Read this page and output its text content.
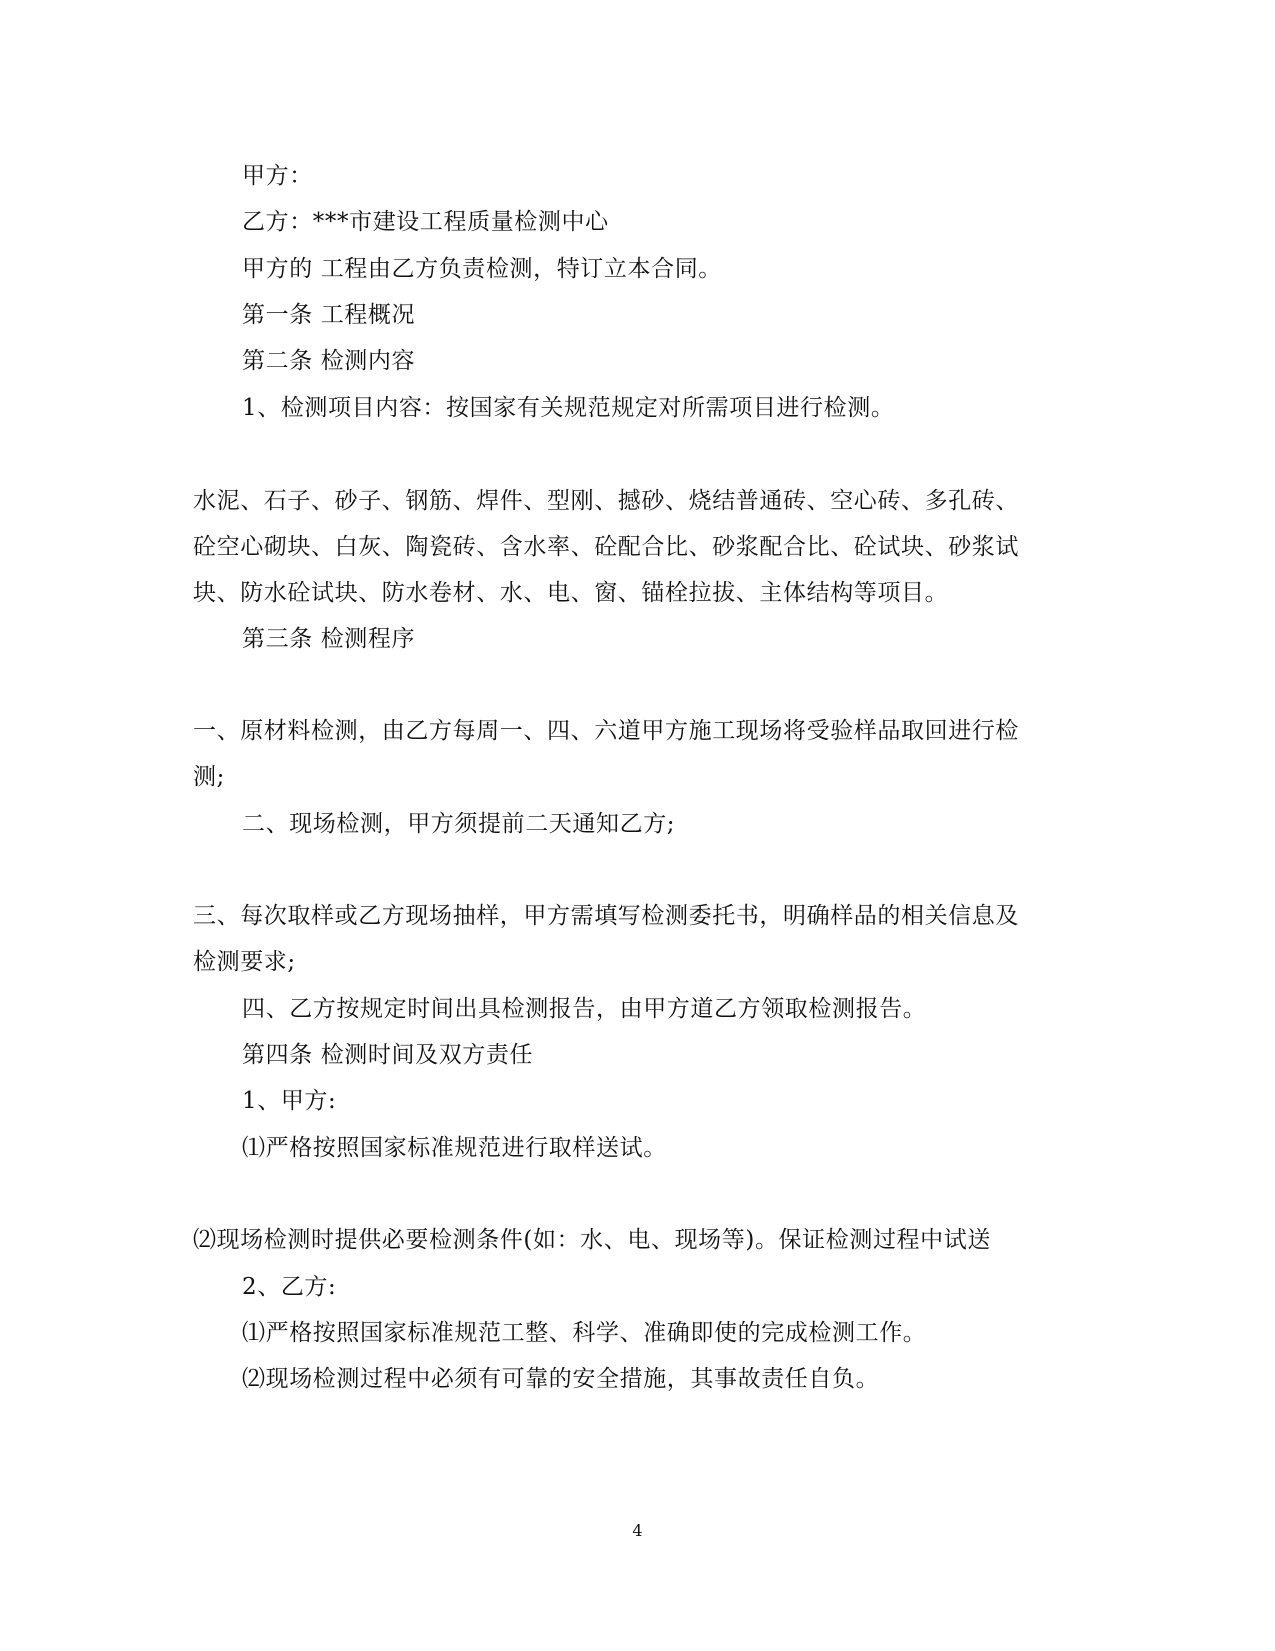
甲方：
乙方：***市建设工程质量检测中心
甲方的 工程由乙方负责检测，特订立本合同。
第一条 工程概况
第二条 检测内容
1、检测项目内容：按国家有关规范规定对所需项目进行检测。
水泥、石子、砂子、钢筋、焊件、型刚、撼砂、烧结普通砖、空心砖、多孔砖、
砼空心砌块、白灰、陶瓷砖、含水率、砼配合比、砂浆配合比、砼试块、砂浆试
块、防水砼试块、防水卷材、水、电、窗、锚栓拉拔、主体结构等项目。
第三条 检测程序
一、原材料检测，由乙方每周一、四、六道甲方施工现场将受验样品取回进行检
测;
二、现场检测，甲方须提前二天通知乙方;
三、每次取样或乙方现场抽样，甲方需填写检测委托书，明确样品的相关信息及
检测要求;
四、乙方按规定时间出具检测报告，由甲方道乙方领取检测报告。
第四条 检测时间及双方责任
1、甲方:
⑴严格按照国家标准规范进行取样送试。
⑵现场检测时提供必要检测条件(如：水、电、现场等)。保证检测过程中试送
2、乙方:
⑴严格按照国家标准规范工整、科学、准确即使的完成检测工作。
⑵现场检测过程中必须有可靠的安全措施，其事故责任自负。
4
